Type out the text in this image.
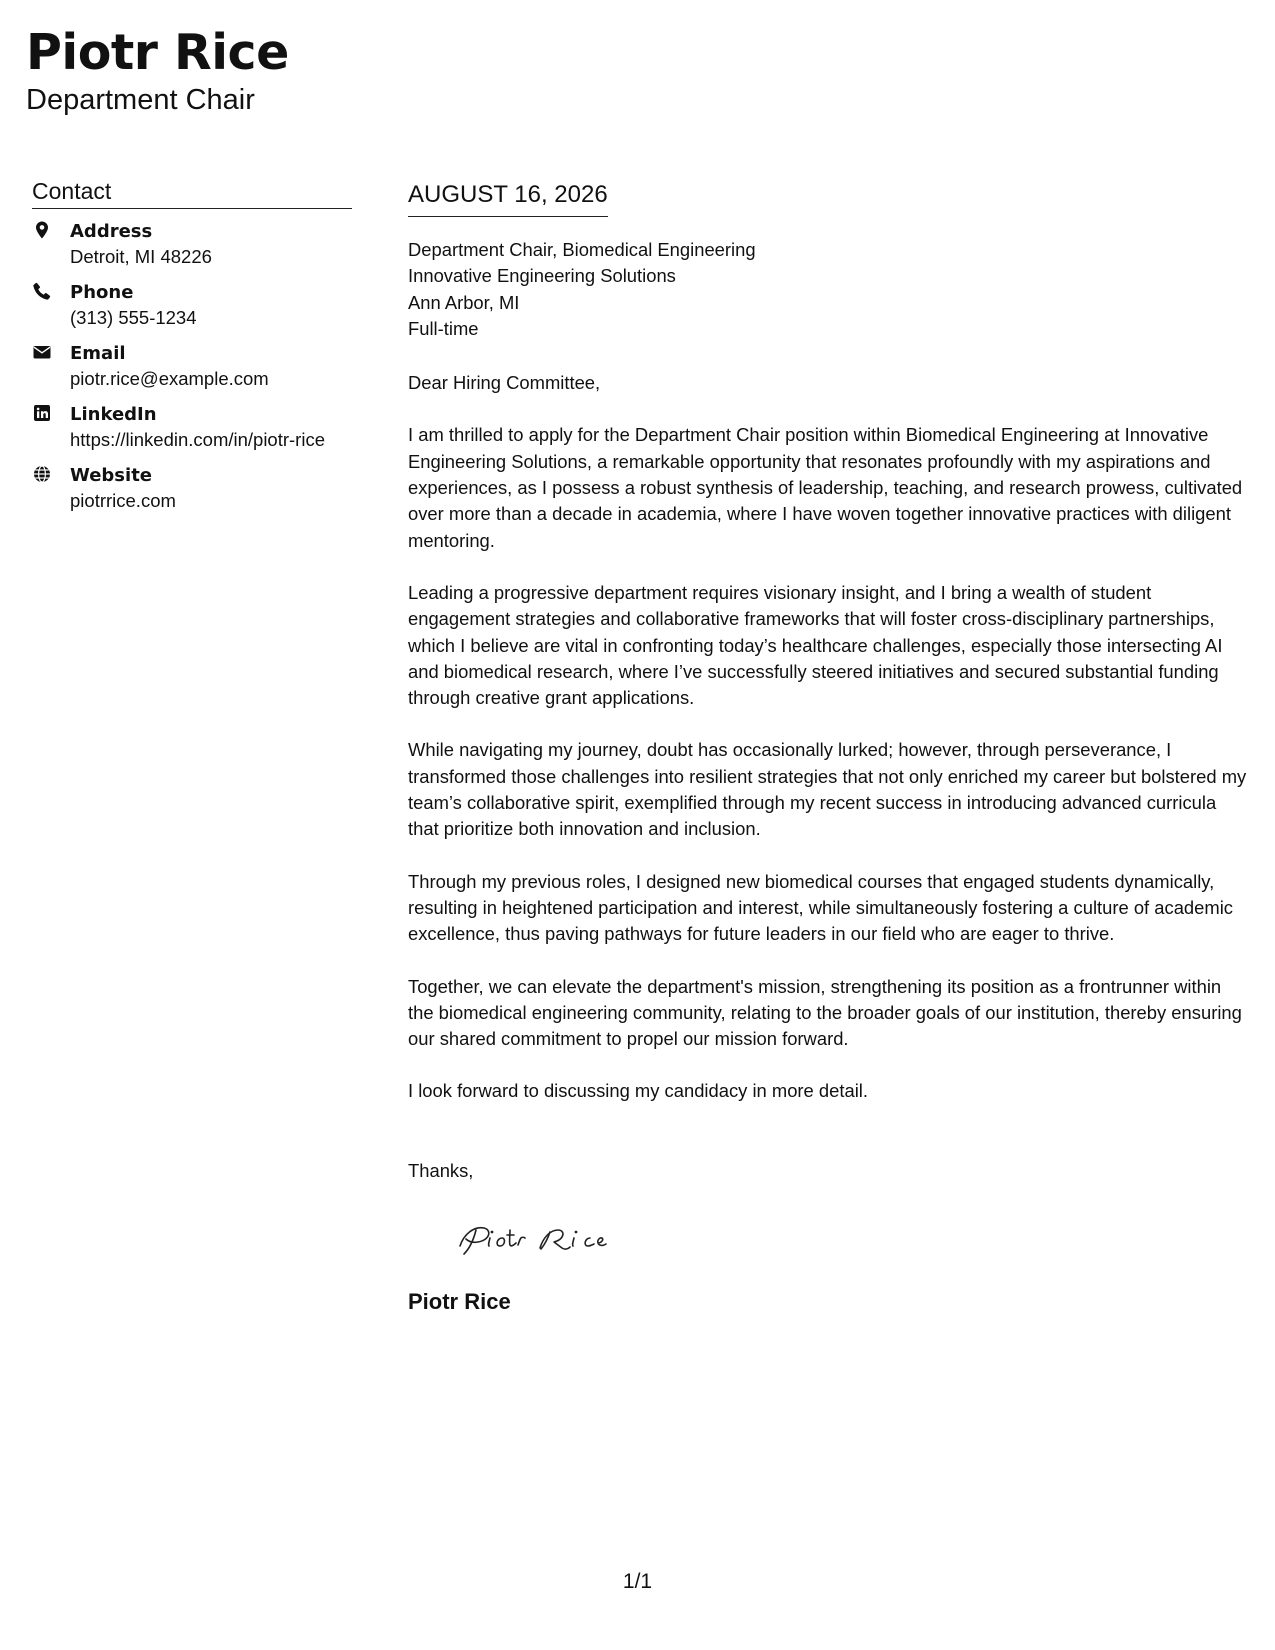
Piotr Rice
Department Chair
Contact
Address
Detroit, MI 48226
Phone
(313) 555-1234
Email
piotr.rice@example.com
LinkedIn
https://linkedin.com/in/piotr-rice
Website
piotrrice.com
AUGUST 16, 2026
Department Chair, Biomedical Engineering
Innovative Engineering Solutions
Ann Arbor, MI
Full-time
Dear Hiring Committee,
I am thrilled to apply for the Department Chair position within Biomedical Engineering at Innovative Engineering Solutions, a remarkable opportunity that resonates profoundly with my aspirations and experiences, as I possess a robust synthesis of leadership, teaching, and research prowess, cultivated over more than a decade in academia, where I have woven together innovative practices with diligent mentoring.
Leading a progressive department requires visionary insight, and I bring a wealth of student engagement strategies and collaborative frameworks that will foster cross-disciplinary partnerships, which I believe are vital in confronting today’s healthcare challenges, especially those intersecting AI and biomedical research, where I’ve successfully steered initiatives and secured substantial funding through creative grant applications.
While navigating my journey, doubt has occasionally lurked; however, through perseverance, I transformed those challenges into resilient strategies that not only enriched my career but bolstered my team’s collaborative spirit, exemplified through my recent success in introducing advanced curricula that prioritize both innovation and inclusion.
Through my previous roles, I designed new biomedical courses that engaged students dynamically, resulting in heightened participation and interest, while simultaneously fostering a culture of academic excellence, thus paving pathways for future leaders in our field who are eager to thrive.
Together, we can elevate the department's mission, strengthening its position as a frontrunner within the biomedical engineering community, relating to the broader goals of our institution, thereby ensuring our shared commitment to propel our mission forward.
I look forward to discussing my candidacy in more detail.
Thanks,
Piotr Rice
1/1
